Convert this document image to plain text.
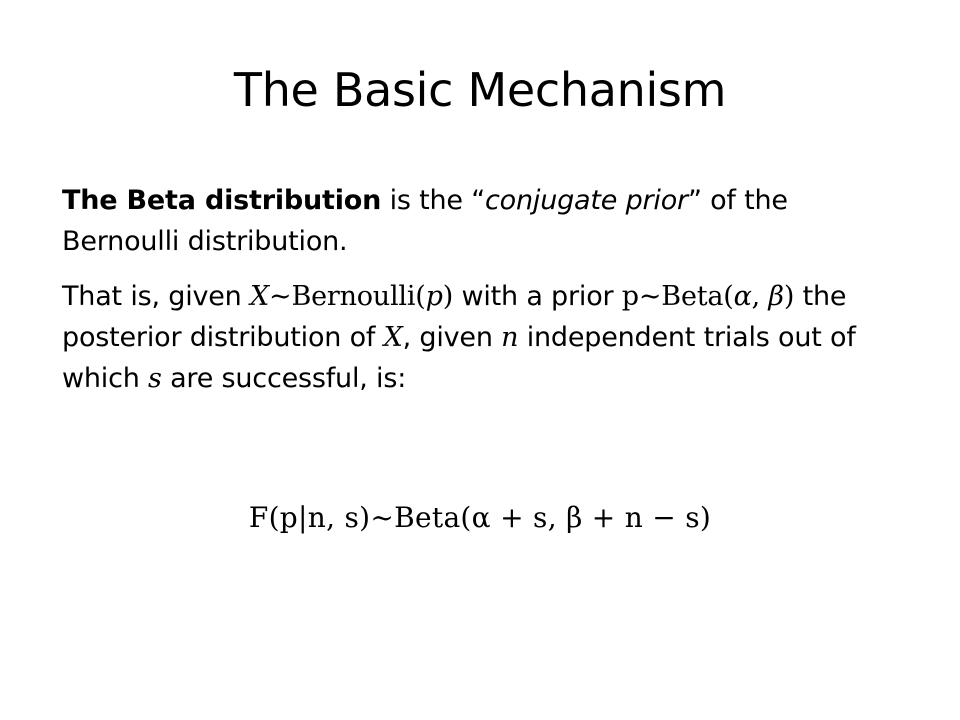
The Basic Mechanism

The Beta distribution is the “conjugate prior” of the Bernoulli distribution.

That is, given X~Bernoulli(p) with a prior p~Beta(α, β) the posterior distribution of X, given n independent trials out of which s are successful, is:

F(p|n, s)~Beta(α + s, β + n − s)
